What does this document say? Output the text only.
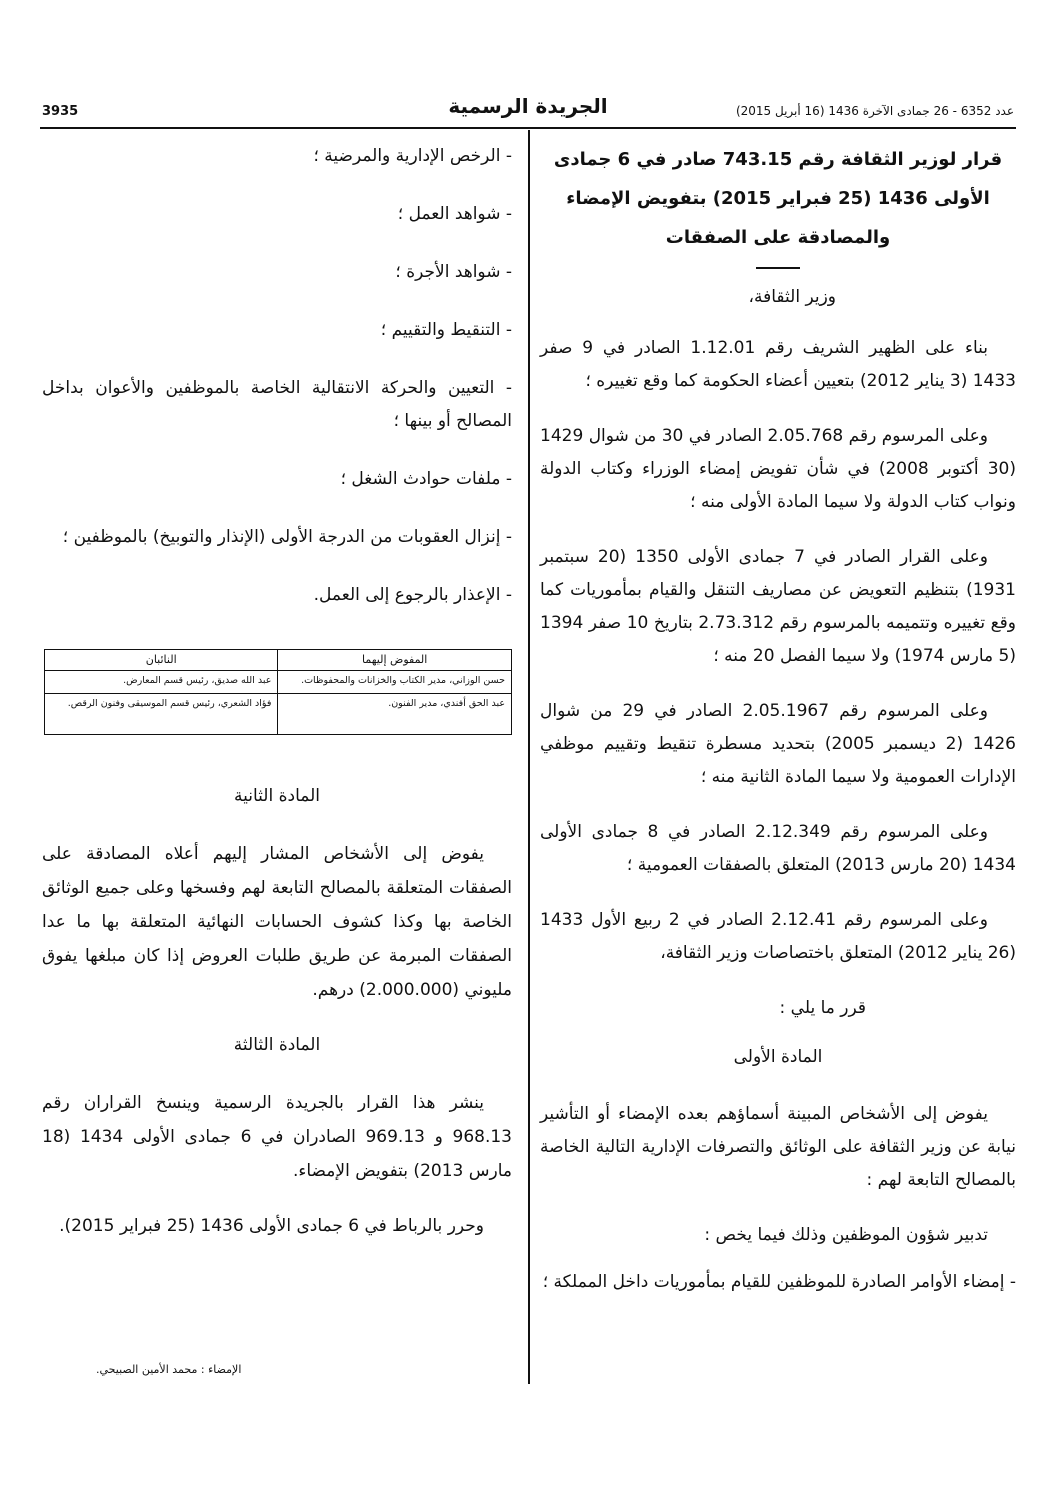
عدد 6352 - 26 جمادى الآخرة 1436 (16 أبريل 2015)
الجريدة الرسمية
3935
قرار لوزير الثقافة رقم 743.15 صادر في 6 جمادى الأولى 1436 (25 فبراير 2015) بتفويض الإمضاء والمصادقة على الصفقات
وزير الثقافة،

بناء على الظهير الشريف رقم 1.12.01 الصادر في 9 صفر 1433 (3 يناير 2012) بتعيين أعضاء الحكومة كما وقع تغييره ؛

وعلى المرسوم رقم 2.05.768 الصادر في 30 من شوال 1429 (30 أكتوبر 2008) في شأن تفويض إمضاء الوزراء وكتاب الدولة ونواب كتاب الدولة ولا سيما المادة الأولى منه ؛

وعلى القرار الصادر في 7 جمادى الأولى 1350 (20 سبتمبر 1931) بتنظيم التعويض عن مصاريف التنقل والقيام بمأموريات كما وقع تغييره وتتميمه بالمرسوم رقم 2.73.312 بتاريخ 10 صفر 1394 (5 مارس 1974) ولا سيما الفصل 20 منه ؛

وعلى المرسوم رقم 2.05.1967 الصادر في 29 من شوال 1426 (2 ديسمبر 2005) بتحديد مسطرة تنقيط وتقييم موظفي الإدارات العمومية ولا سيما المادة الثانية منه ؛

وعلى المرسوم رقم 2.12.349 الصادر في 8 جمادى الأولى 1434 (20 مارس 2013) المتعلق بالصفقات العمومية ؛

وعلى المرسوم رقم 2.12.41 الصادر في 2 ربيع الأول 1433 (26 يناير 2012) المتعلق باختصاصات وزير الثقافة،

قرر ما يلي :
المادة الأولى

يفوض إلى الأشخاص المبينة أسماؤهم بعده الإمضاء أو التأشير نيابة عن وزير الثقافة على الوثائق والتصرفات الإدارية التالية الخاصة بالمصالح التابعة لهم :

تدبير شؤون الموظفين وذلك فيما يخص :

- إمضاء الأوامر الصادرة للموظفين للقيام بمأموريات داخل المملكة ؛

- الرخص الإدارية والمرضية ؛

- شواهد العمل ؛

- شواهد الأجرة ؛

- التنقيط والتقييم ؛

- التعيين والحركة الانتقالية الخاصة بالموظفين والأعوان بداخل المصالح أو بينها ؛

- ملفات حوادث الشغل ؛

- إنزال العقوبات من الدرجة الأولى (الإنذار والتوبيخ) بالموظفين ؛

- الإعذار بالرجوع إلى العمل.

المفوض إليهما	النائبان
حسن الوزاني، مدير الكتاب والخزانات والمحفوظات.	عبد الله صديق، رئيس قسم المعارض.
عبد الحق أفندي، مدير الفنون.	فؤاد الشعري، رئيس قسم الموسيقى وفنون الرقص.
المادة الثانية

يفوض إلى الأشخاص المشار إليهم أعلاه المصادقة على الصفقات المتعلقة بالمصالح التابعة لهم وفسخها وعلى جميع الوثائق الخاصة بها وكذا كشوف الحسابات النهائية المتعلقة بها ما عدا الصفقات المبرمة عن طريق طلبات العروض إذا كان مبلغها يفوق مليوني (2.000.000) درهم.

المادة الثالثة

ينشر هذا القرار بالجريدة الرسمية وينسخ القراران رقم 968.13 و 969.13 الصادران في 6 جمادى الأولى 1434 (18 مارس 2013) بتفويض الإمضاء.

وحرر بالرباط في 6 جمادى الأولى 1436 (25 فبراير 2015).

الإمضاء : محمد الأمين الصبيحي.
